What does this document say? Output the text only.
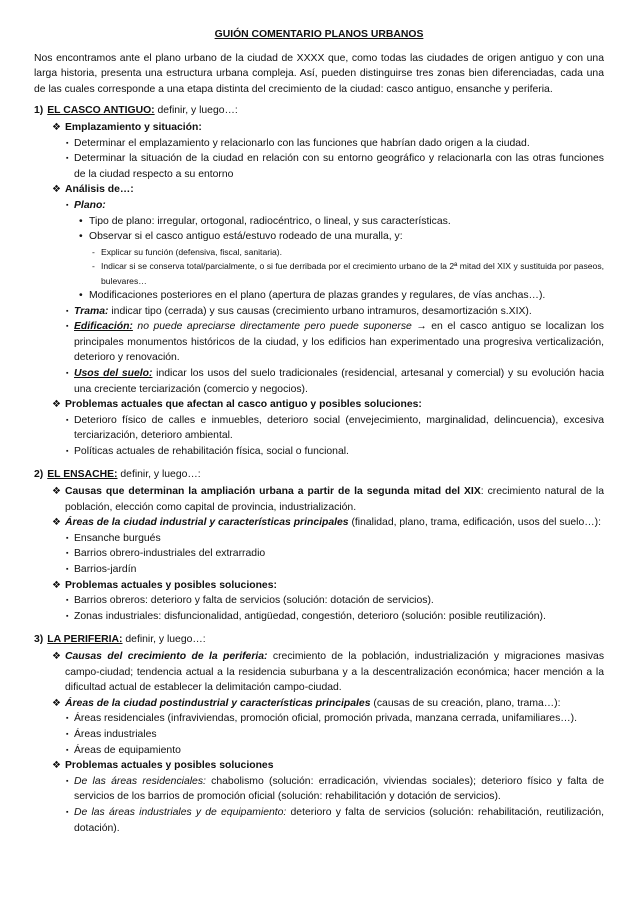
GUIÓN COMENTARIO PLANOS URBANOS
Nos encontramos ante el plano urbano de la ciudad de XXXX que, como todas las ciudades de origen antiguo y con una larga historia, presenta una estructura urbana compleja. Así, pueden distinguirse tres zonas bien diferenciadas, cada una de las cuales corresponde a una etapa distinta del crecimiento de la ciudad: casco antiguo, ensanche y periferia.
1) EL CASCO ANTIGUO: definir, y luego…:
❖ Emplazamiento y situación:
▪ Determinar el emplazamiento y relacionarlo con las funciones que habrían dado origen a la ciudad.
▪ Determinar la situación de la ciudad en relación con su entorno geográfico y relacionarla con las otras funciones de la ciudad respecto a su entorno
❖ Análisis de…:
▪ Plano:
• Tipo de plano: irregular, ortogonal, radiocéntrico, o lineal, y sus características.
• Observar si el casco antiguo está/estuvo rodeado de una muralla, y:
- Explicar su función (defensiva, fiscal, sanitaria).
- Indicar si se conserva total/parcialmente, o si fue derribada por el crecimiento urbano de la 2ª mitad del XIX y sustituida por paseos, bulevares…
• Modificaciones posteriores en el plano (apertura de plazas grandes y regulares, de vías anchas…).
▪ Trama: indicar tipo (cerrada) y sus causas (crecimiento urbano intramuros, desamortización s.XIX).
▪ Edificación: no puede apreciarse directamente pero puede suponerse → en el casco antiguo se localizan los principales monumentos históricos de la ciudad, y los edificios han experimentado una progresiva verticalización, deterioro y renovación.
▪ Usos del suelo: indicar los usos del suelo tradicionales (residencial, artesanal y comercial) y su evolución hacia una creciente terciarización (comercio y negocios).
❖ Problemas actuales que afectan al casco antiguo y posibles soluciones:
▪ Deterioro físico de calles e inmuebles, deterioro social (envejecimiento, marginalidad, delincuencia), excesiva terciarización, deterioro ambiental.
▪ Políticas actuales de rehabilitación física, social o funcional.
2) EL ENSACHE: definir, y luego…:
❖ Causas que determinan la ampliación urbana a partir de la segunda mitad del XIX: crecimiento natural de la población, elección como capital de provincia, industrialización.
❖ Áreas de la ciudad industrial y características principales (finalidad, plano, trama, edificación, usos del suelo…):
▪ Ensanche burgués
▪ Barrios obrero-industriales del extrarradio
▪ Barrios-jardín
❖ Problemas actuales y posibles soluciones:
▪ Barrios obreros: deterioro y falta de servicios (solución: dotación de servicios).
▪ Zonas industriales: disfuncionalidad, antigüedad, congestión, deterioro (solución: posible reutilización).
3) LA PERIFERIA: definir, y luego…:
❖ Causas del crecimiento de la periferia: crecimiento de la población, industrialización y migraciones masivas campo-ciudad; tendencia actual a la residencia suburbana y a la descentralización económica; hacer mención a la dificultad actual de establecer la delimitación campo-ciudad.
❖ Áreas de la ciudad postindustrial y características principales (causas de su creación, plano, trama…):
▪ Áreas residenciales (infraviviendas, promoción oficial, promoción privada, manzana cerrada, unifamiliares…).
▪ Áreas industriales
▪ Áreas de equipamiento
❖ Problemas actuales y posibles soluciones
▪ De las áreas residenciales: chabolismo (solución: erradicación, viviendas sociales); deterioro físico y falta de servicios de los barrios de promoción oficial (solución: rehabilitación y dotación de servicios).
▪ De las áreas industriales y de equipamiento: deterioro y falta de servicios (solución: rehabilitación, reutilización, dotación).
